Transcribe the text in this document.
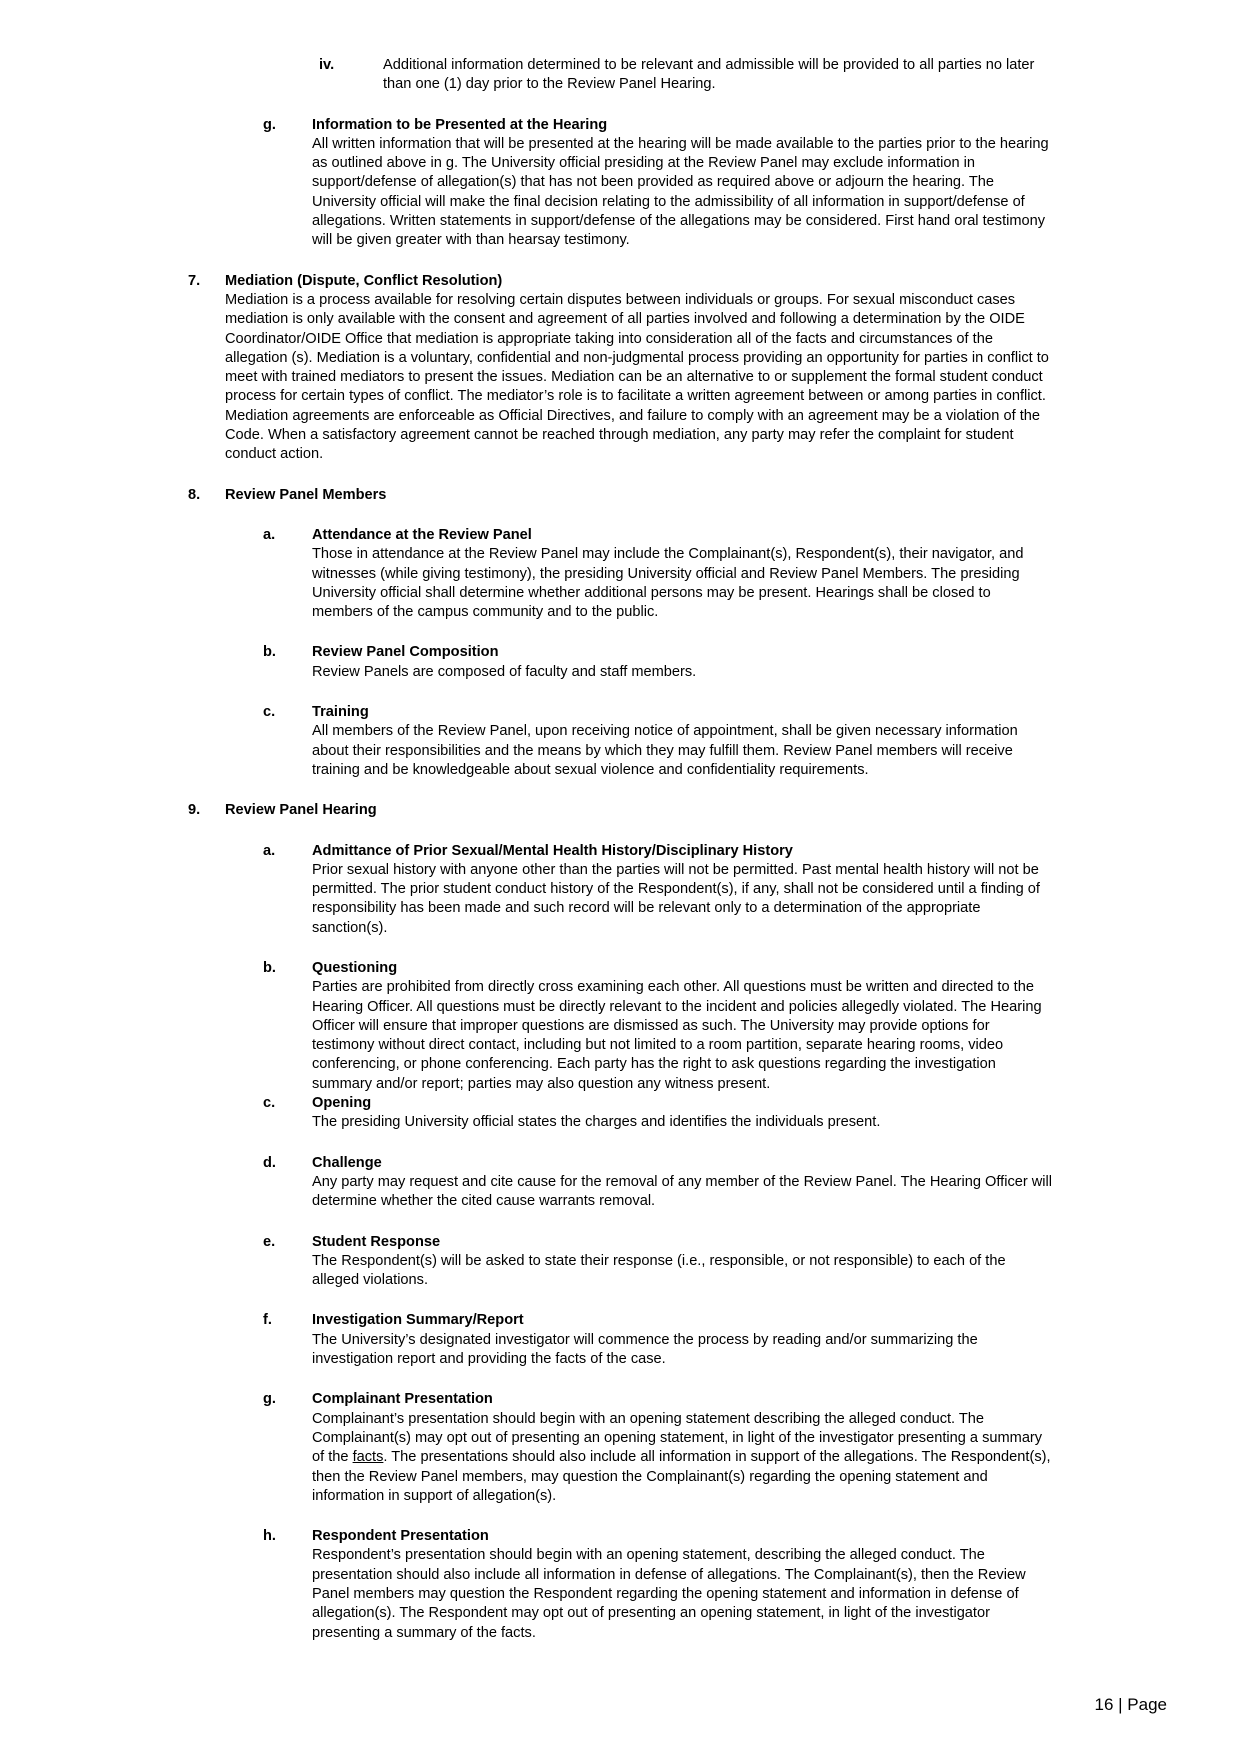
iv.	Additional information determined to be relevant and admissible will be provided to all parties no later than one (1) day prior to the Review Panel Hearing.

g.	Information to be Presented at the Hearing

All written information that will be presented at the hearing will be made available to the parties prior to the hearing as outlined above in g. The University official presiding at the Review Panel may exclude information in support/defense of allegation(s) that has not been provided as required above or adjourn the hearing. The University official will make the final decision relating to the admissibility of all information in support/defense of allegations. Written statements in support/defense of the allegations may be considered. First hand oral testimony will be given greater with than hearsay testimony.

7.	Mediation (Dispute, Conflict Resolution)

Mediation is a process available for resolving certain disputes between individuals or groups. For sexual misconduct cases mediation is only available with the consent and agreement of all parties involved and following a determination by the OIDE Coordinator/OIDE Office that mediation is appropriate taking into consideration all of the facts and circumstances of the allegation (s). Mediation is a voluntary, confidential and non-judgmental process providing an opportunity for parties in conflict to meet with trained mediators to present the issues. Mediation can be an alternative to or supplement the formal student conduct process for certain types of conflict. The mediator’s role is to facilitate a written agreement between or among parties in conflict. Mediation agreements are enforceable as Official Directives, and failure to comply with an agreement may be a violation of the Code. When a satisfactory agreement cannot be reached through mediation, any party may refer the complaint for student conduct action.

8.	Review Panel Members
a.	Attendance at the Review Panel

Those in attendance at the Review Panel may include the Complainant(s), Respondent(s), their navigator, and witnesses (while giving testimony), the presiding University official and Review Panel Members. The presiding University official shall determine whether additional persons may be present. Hearings shall be closed to members of the campus community and to the public.

b.	Review Panel Composition

Review Panels are composed of faculty and staff members.

c.	Training

All members of the Review Panel, upon receiving notice of appointment, shall be given necessary information about their responsibilities and the means by which they may fulfill them. Review Panel members will receive training and be knowledgeable about sexual violence and confidentiality requirements.

9.	Review Panel Hearing
a.	Admittance of Prior Sexual/Mental Health History/Disciplinary History

Prior sexual history with anyone other than the parties will not be permitted. Past mental health history will not be permitted. The prior student conduct history of the Respondent(s), if any, shall not be considered until a finding of responsibility has been made and such record will be relevant only to a determination of the appropriate sanction(s).

b.	Questioning

Parties are prohibited from directly cross examining each other. All questions must be written and directed to the Hearing Officer. All questions must be directly relevant to the incident and policies allegedly violated. The Hearing Officer will ensure that improper questions are dismissed as such. The University may provide options for testimony without direct contact, including but not limited to a room partition, separate hearing rooms, video conferencing, or phone conferencing. Each party has the right to ask questions regarding the investigation summary and/or report; parties may also question any witness present.

c.	Opening

The presiding University official states the charges and identifies the individuals present.

d.	Challenge

Any party may request and cite cause for the removal of any member of the Review Panel. The Hearing Officer will determine whether the cited cause warrants removal.

e.	Student Response

The Respondent(s) will be asked to state their response (i.e., responsible, or not responsible) to each of the alleged violations.

f.	Investigation Summary/Report

The University’s designated investigator will commence the process by reading and/or summarizing the investigation report and providing the facts of the case.

g.	Complainant Presentation

Complainant’s presentation should begin with an opening statement describing the alleged conduct. The Complainant(s) may opt out of presenting an opening statement, in light of the investigator presenting a summary of the facts. The presentations should also include all information in support of the allegations. The Respondent(s), then the Review Panel members, may question the Complainant(s) regarding the opening statement and information in support of allegation(s).

h.	Respondent Presentation

Respondent’s presentation should begin with an opening statement, describing the alleged conduct. The presentation should also include all information in defense of allegations. The Complainant(s), then the Review Panel members may question the Respondent regarding the opening statement and information in defense of allegation(s). The Respondent may opt out of presenting an opening statement, in light of the investigator presenting a summary of the facts.

16 | Page
